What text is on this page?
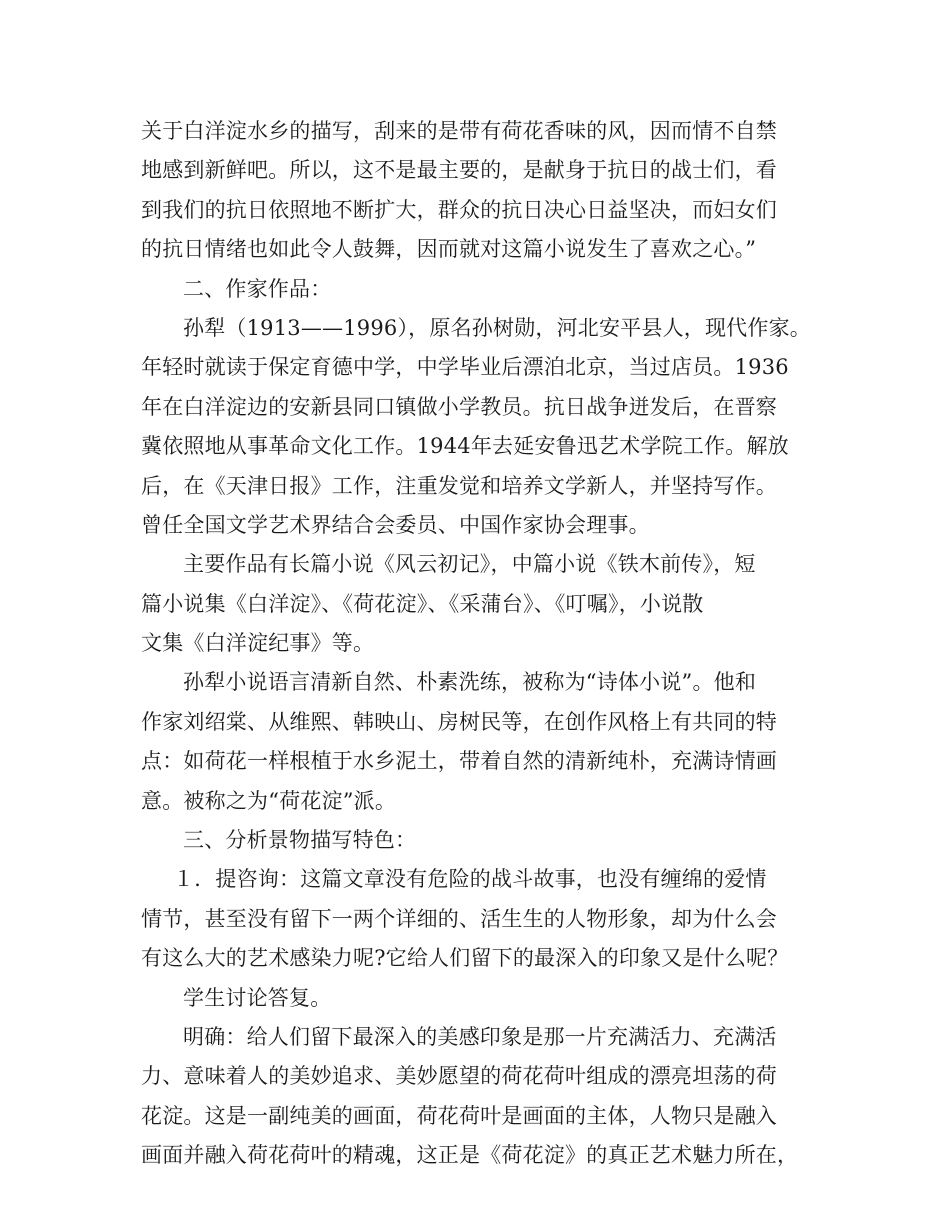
关于白洋淀水乡的描写，刮来的是带有荷花香味的风，因而情不自禁
地感到新鲜吧。所以，这不是最主要的，是献身于抗日的战士们，看
到我们的抗日依照地不断扩大，群众的抗日决心日益坚决，而妇女们
的抗日情绪也如此令人鼓舞，因而就对这篇小说发生了喜欢之心。”
二、作家作品：
孙犁（1913——1996），原名孙树勋，河北安平县人，现代作家。
年轻时就读于保定育德中学，中学毕业后漂泊北京，当过店员。1936
年在白洋淀边的安新县同口镇做小学教员。抗日战争迸发后，在晋察
冀依照地从事革命文化工作。1944年去延安鲁迅艺术学院工作。解放
后，在《天津日报》工作，注重发觉和培养文学新人，并坚持写作。
曾任全国文学艺术界结合会委员、中国作家协会理事。
主要作品有长篇小说《风云初记》，中篇小说《铁木前传》，短
篇小说集《白洋淀》、《荷花淀》、《采蒲台》、《叮嘱》，小说散
文集《白洋淀纪事》等。
孙犁小说语言清新自然、朴素洗练，被称为“诗体小说”。他和
作家刘绍棠、从维熙、韩映山、房树民等，在创作风格上有共同的特
点：如荷花一样根植于水乡泥土，带着自然的清新纯朴，充满诗情画
意。被称之为“荷花淀”派。
三、分析景物描写特色：
１．提咨询：这篇文章没有危险的战斗故事，也没有缠绵的爱情
情节，甚至没有留下一两个详细的、活生生的人物形象，却为什么会
有这么大的艺术感染力呢?它给人们留下的最深入的印象又是什么呢？
学生讨论答复。
明确：给人们留下最深入的美感印象是那一片充满活力、充满活
力、意味着人的美妙追求、美妙愿望的荷花荷叶组成的漂亮坦荡的荷
花淀。这是一副纯美的画面，荷花荷叶是画面的主体，人物只是融入
画面并融入荷花荷叶的精魂，这正是《荷花淀》的真正艺术魅力所在，
